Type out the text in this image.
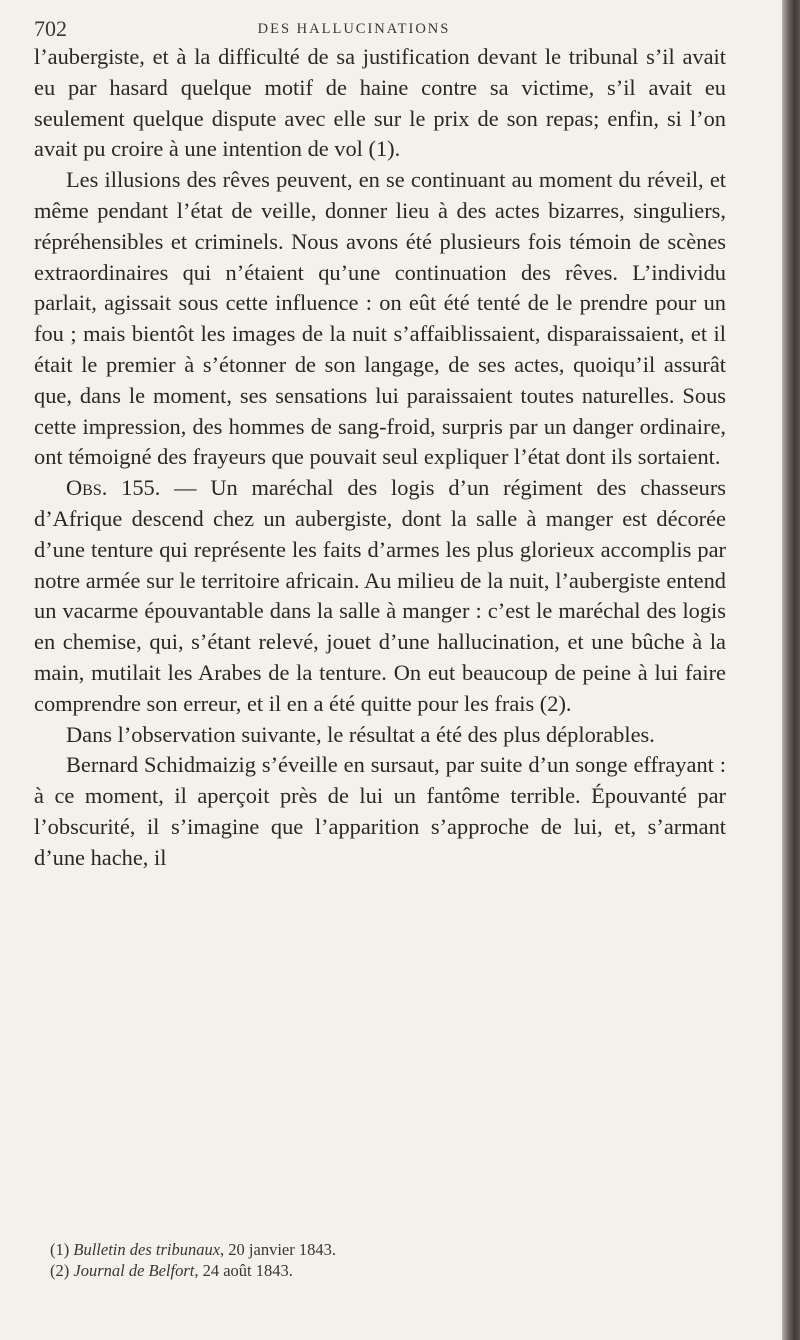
702	DES HALLUCINATIONS

l’aubergiste, et à la difficulté de sa justification devant le tribunal s’il avait eu par hasard quelque motif de haine contre sa victime, s’il avait eu seulement quelque dispute avec elle sur le prix de son repas; enfin, si l’on avait pu croire à une intention de vol (1).

Les illusions des rêves peuvent, en se continuant au moment du réveil, et même pendant l’état de veille, donner lieu à des actes bizarres, singuliers, répréhensibles et criminels. Nous avons été plusieurs fois témoin de scènes extraordinaires qui n’étaient qu’une continuation des rêves. L’individu parlait, agissait sous cette influence : on eût été tenté de le prendre pour un fou ; mais bientôt les images de la nuit s’affaiblissaient, disparaissaient, et il était le premier à s’étonner de son langage, de ses actes, quoiqu’il assurât que, dans le moment, ses sensations lui paraissaient toutes naturelles. Sous cette impression, des hommes de sang-froid, surpris par un danger ordinaire, ont témoigné des frayeurs que pouvait seul expliquer l’état dont ils sortaient.

Obs. 155. — Un maréchal des logis d’un régiment des chasseurs d’Afrique descend chez un aubergiste, dont la salle à manger est décorée d’une tenture qui représente les faits d’armes les plus glorieux accomplis par notre armée sur le territoire africain. Au milieu de la nuit, l’aubergiste entend un vacarme épouvantable dans la salle à manger : c’est le maréchal des logis en chemise, qui, s’étant relevé, jouet d’une hallucination, et une bûche à la main, mutilait les Arabes de la tenture. On eut beaucoup de peine à lui faire comprendre son erreur, et il en a été quitte pour les frais (2).

Dans l’observation suivante, le résultat a été des plus déplorables.

Bernard Schidmaizig s’éveille en sursaut, par suite d’un songe effrayant : à ce moment, il aperçoit près de lui un fantôme terrible. Épouvanté par l’obscurité, il s’imagine que l’apparition s’approche de lui, et, s’armant d’une hache, il

(1) Bulletin des tribunaux, 20 janvier 1843.
(2) Journal de Belfort, 24 août 1843.
